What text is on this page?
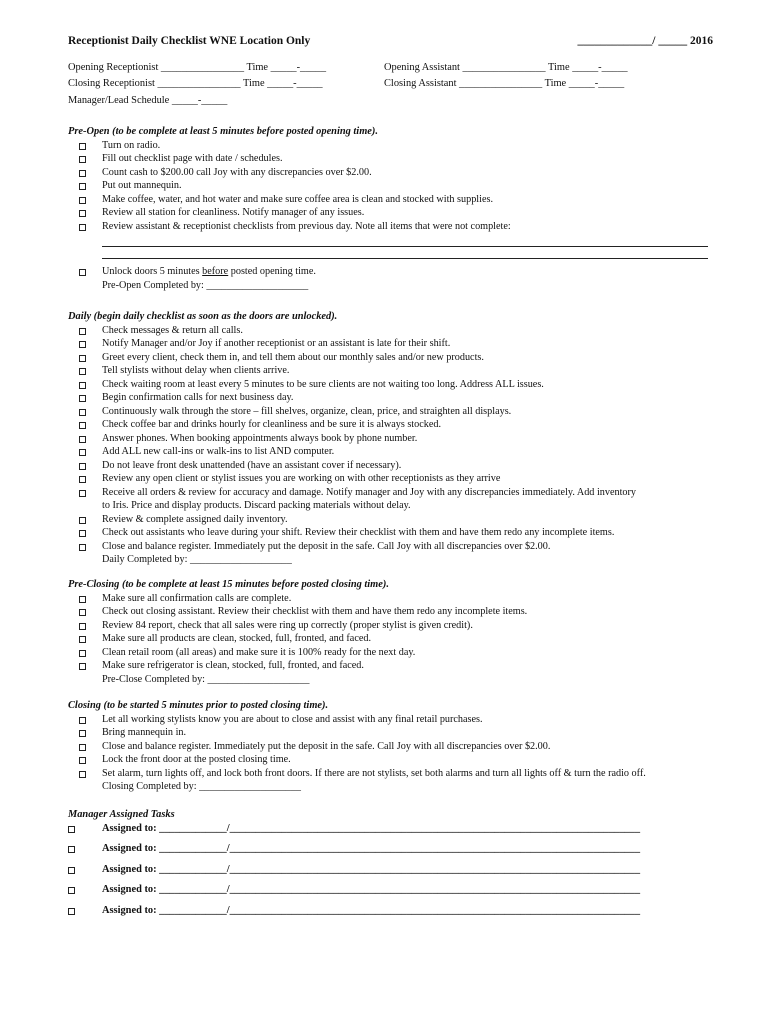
Receptionist Daily Checklist WNE Location Only	_____________/ _____ 2016
Opening Receptionist ________________ Time _____-_____
Closing Receptionist ________________ Time _____-_____
Manager/Lead Schedule _____-_____
Opening Assistant ________________ Time _____-_____
Closing Assistant ________________ Time _____-_____
Pre-Open (to be complete at least 5 minutes before posted opening time).
Turn on radio.
Fill out checklist page with date / schedules.
Count cash to $200.00 call Joy with any discrepancies over $2.00.
Put out mannequin.
Make coffee, water, and hot water and make sure coffee area is clean and stocked with supplies.
Review all station for cleanliness. Notify manager of any issues.
Review assistant & receptionist checklists from previous day. Note all items that were not complete:
Unlock doors 5 minutes before posted opening time.
Pre-Open Completed by: ____________________
Daily (begin daily checklist as soon as the doors are unlocked).
Check messages & return all calls.
Notify Manager and/or Joy if another receptionist or an assistant is late for their shift.
Greet every client, check them in, and tell them about our monthly sales and/or new products.
Tell stylists without delay when clients arrive.
Check waiting room at least every 5 minutes to be sure clients are not waiting too long. Address ALL issues.
Begin confirmation calls for next business day.
Continuously walk through the store – fill shelves, organize, clean, price, and straighten all displays.
Check coffee bar and drinks hourly for cleanliness and be sure it is always stocked.
Answer phones. When booking appointments always book by phone number.
Add ALL new call-ins or walk-ins to list AND computer.
Do not leave front desk unattended (have an assistant cover if necessary).
Review any open client or stylist issues you are working on with other receptionists as they arrive
Receive all orders & review for accuracy and damage. Notify manager and Joy with any discrepancies immediately. Add inventory
to Iris. Price and display products. Discard packing materials without delay.
Review & complete assigned daily inventory.
Check out assistants who leave during your shift. Review their checklist with them and have them redo any incomplete items.
Close and balance register. Immediately put the deposit in the safe. Call Joy with all discrepancies over $2.00.
Daily Completed by: ____________________
Pre-Closing (to be complete at least 15 minutes before posted closing time).
Make sure all confirmation calls are complete.
Check out closing assistant. Review their checklist with them and have them redo any incomplete items.
Review 84 report, check that all sales were ring up correctly (proper stylist is given credit).
Make sure all products are clean, stocked, full, fronted, and faced.
Clean retail room (all areas) and make sure it is 100% ready for the next day.
Make sure refrigerator is clean, stocked, full, fronted, and faced.
Pre-Close Completed by: ____________________
Closing (to be started 5 minutes prior to posted closing time).
Let all working stylists know you are about to close and assist with any final retail purchases.
Bring mannequin in.
Close and balance register. Immediately put the deposit in the safe. Call Joy with all discrepancies over $2.00.
Lock the front door at the posted closing time.
Set alarm, turn lights off, and lock both front doors. If there are not stylists, set both alarms and turn all lights off & turn the radio off.
Closing Completed by: ____________________
Manager Assigned Tasks
Assigned to: _____________/_______________________________________________________________________________
Assigned to: _____________/_______________________________________________________________________________
Assigned to: _____________/_______________________________________________________________________________
Assigned to: _____________/_______________________________________________________________________________
Assigned to: _____________/_______________________________________________________________________________
